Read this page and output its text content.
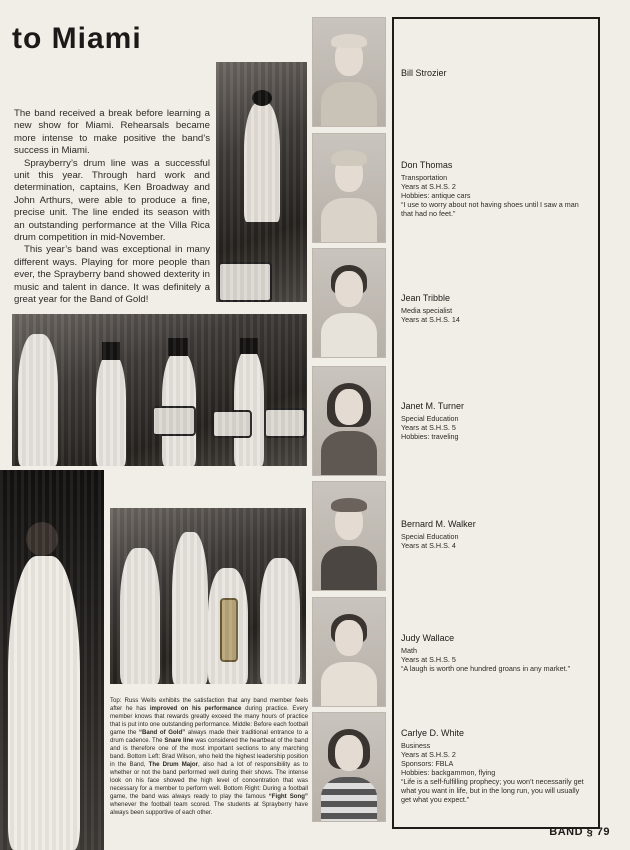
to Miami

The band received a break before learning a new show for Miami. Rehearsals became more intense to make positive the band’s success in Miami.

Sprayberry’s drum line was a successful unit this year. Through hard work and determination, captains, Ken Broadway and John Arthurs, were able to produce a fine, precise unit. The line ended its season with an outstanding performance at the Villa Rica drum competition in mid-November.

This year’s band was exceptional in many different ways. Playing for more people than ever, the Sprayberry band showed dexterity in music and talent in dance. It was definitely a great year for the Band of Gold!

Top: Russ Wells exhibits the satisfaction that any band member feels after he has improved on his performance during practice. Every member knows that rewards greatly exceed the many hours of practice that is put into one outstanding performance. Middle: Before each football game the “Band of Gold” always made their traditional entrance to a drum cadence. The Snare line was considered the heartbeat of the band and is therefore one of the most important sections to any marching band. Bottom Left: Brad Wilson, who held the highest leadership position in the Band, The Drum Major, also had a lot of responsibility as to whether or not the band performed well during their shows. The intense look on his face showed the high level of concentration that was necessary for a member to perform well. Bottom Right: During a football game, the band was always ready to play the famous “Fight Song” whenever the football team scored. The students at Sprayberry have always been supportive of each other.
Bill Strozier
Don Thomas
Transportation
Years at S.H.S. 2
Hobbies: antique cars
“I use to worry about not having shoes until I saw a man that had no feet.”
Jean Tribble
Media specialist
Years at S.H.S. 14
Janet M. Turner
Special Education
Years at S.H.S. 5
Hobbies: traveling
Bernard M. Walker
Special Education
Years at S.H.S. 4
Judy Wallace
Math
Years at S.H.S. 5
“A laugh is worth one hundred groans in any market.”
Carlye D. White
Business
Years at S.H.S. 2
Sponsors: FBLA
Hobbies: backgammon, flying
“Life is a self-fulfilling prophecy; you won’t necessarily get what you want in life, but in the long run, you will usually get what you expect.”
BAND § 79
